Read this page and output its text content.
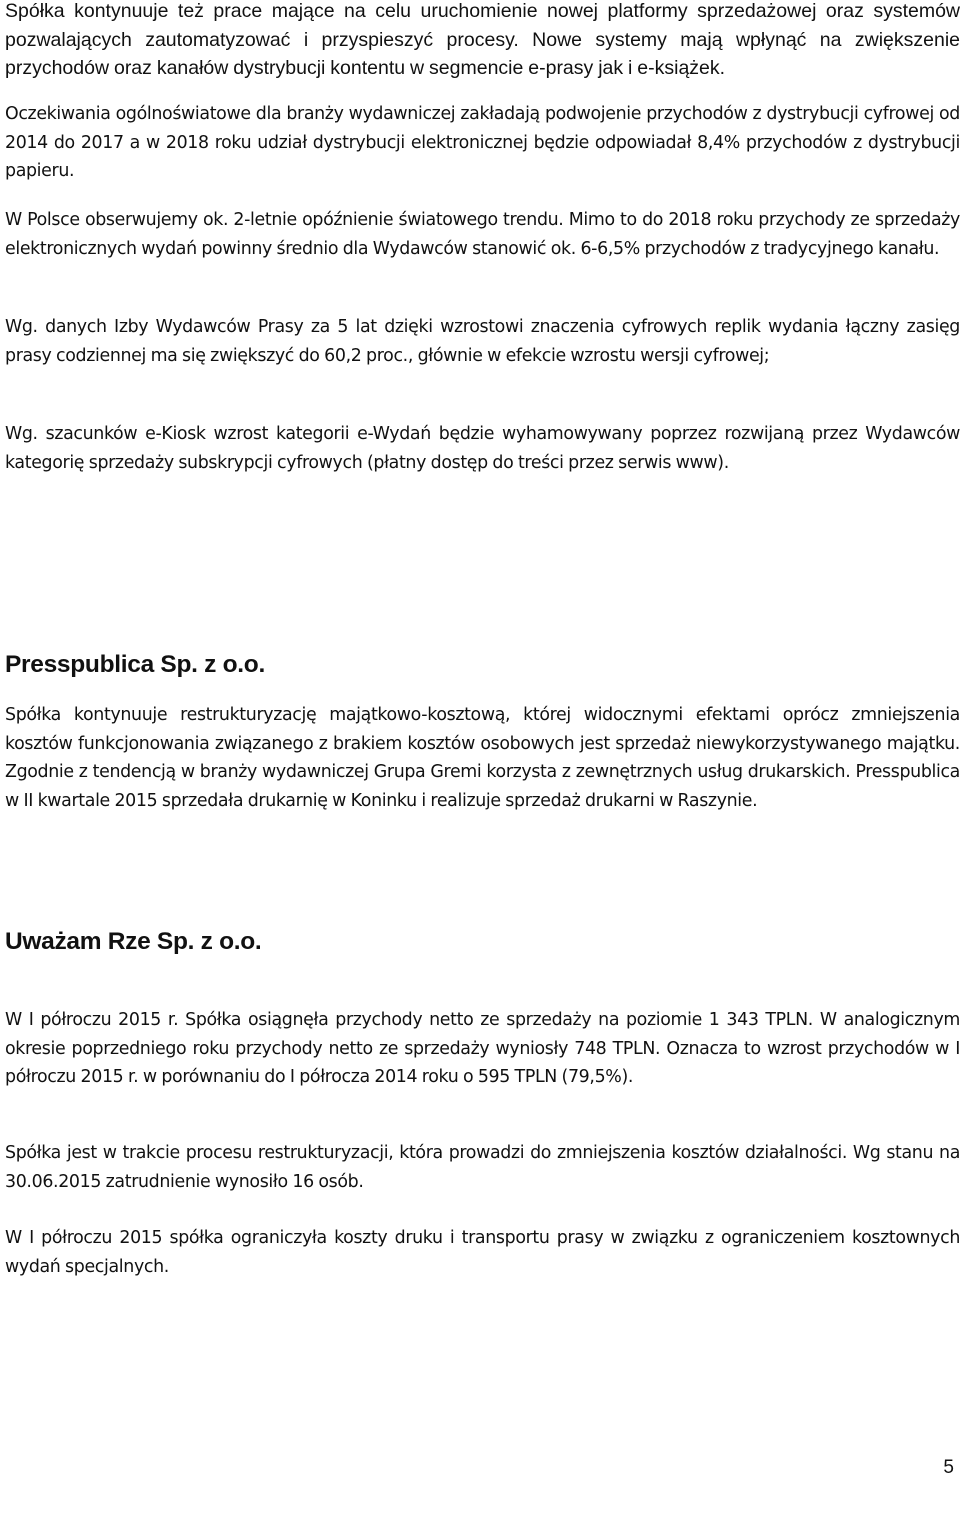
Spółka kontynuuje też prace mające na celu uruchomienie nowej platformy sprzedażowej oraz systemów pozwalających zautomatyzować i przyspieszyć procesy. Nowe systemy mają wpłynąć na zwiększenie przychodów oraz kanałów dystrybucji kontentu w segmencie e-prasy jak i e-książek.

Oczekiwania ogólnoświatowe dla branży wydawniczej zakładają podwojenie przychodów z dystrybucji cyfrowej od 2014 do 2017 a w 2018 roku udział dystrybucji elektronicznej będzie odpowiadał 8,4% przychodów z dystrybucji papieru.

W Polsce obserwujemy ok. 2-letnie opóźnienie światowego trendu. Mimo to do 2018 roku przychody ze sprzedaży elektronicznych wydań powinny średnio dla Wydawców stanowić ok. 6-6,5% przychodów z tradycyjnego kanału.

Wg. danych Izby Wydawców Prasy za 5 lat dzięki wzrostowi znaczenia cyfrowych replik wydania łączny zasięg prasy codziennej ma się zwiększyć do 60,2 proc., głównie w efekcie wzrostu wersji cyfrowej;

Wg. szacunków e-Kiosk wzrost kategorii e-Wydań będzie wyhamowywany poprzez rozwijaną przez Wydawców kategorię sprzedaży subskrypcji cyfrowych (płatny dostęp do treści przez serwis www).

Presspublica Sp. z o.o.

Spółka kontynuuje restrukturyzację majątkowo-kosztową, której widocznymi efektami oprócz zmniejszenia kosztów funkcjonowania związanego z brakiem kosztów osobowych jest sprzedaż niewykorzystywanego majątku. Zgodnie z tendencją w branży wydawniczej Grupa Gremi korzysta z zewnętrznych usług drukarskich. Presspublica w II kwartale 2015 sprzedała drukarnię w Koninku i realizuje sprzedaż drukarni w Raszynie.

Uważam Rze Sp. z o.o.

W I półroczu 2015 r. Spółka osiągnęła przychody netto ze sprzedaży na poziomie 1 343 TPLN. W analogicznym okresie poprzedniego roku przychody netto ze sprzedaży wyniosły 748 TPLN. Oznacza to wzrost przychodów w I półroczu 2015 r. w porównaniu do I półrocza 2014 roku o 595 TPLN (79,5%).

Spółka jest w trakcie procesu restrukturyzacji, która prowadzi do zmniejszenia kosztów działalności. Wg stanu na 30.06.2015 zatrudnienie wynosiło 16 osób.

W I półroczu 2015 spółka ograniczyła koszty druku i transportu prasy w związku z ograniczeniem kosztownych wydań specjalnych.

5
